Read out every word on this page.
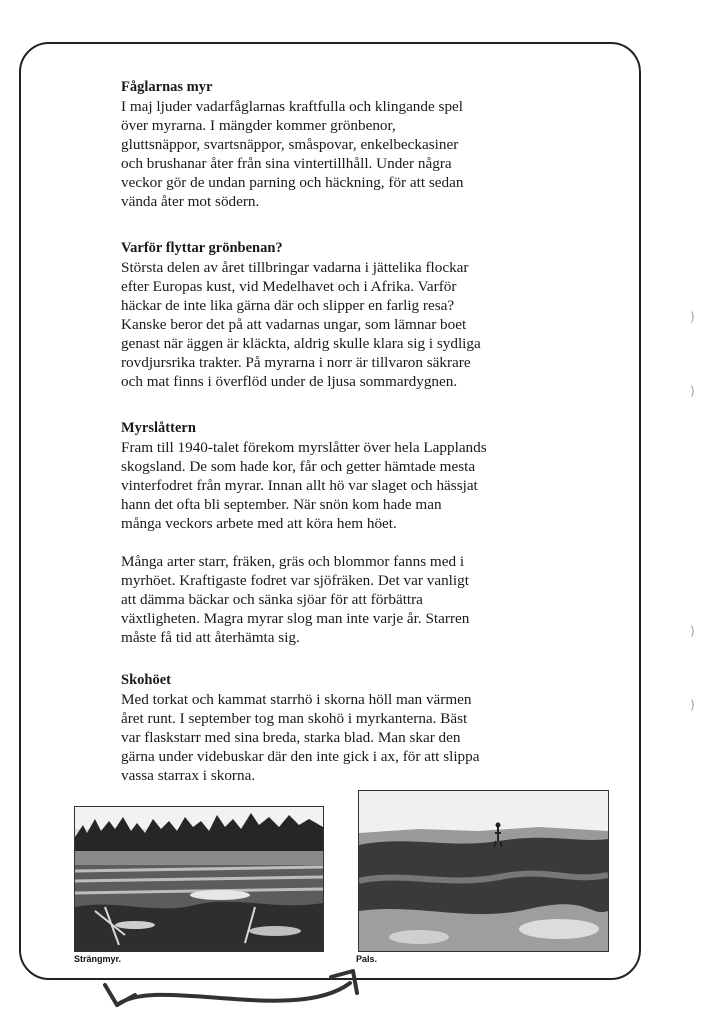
Fåglarnas myr

I maj ljuder vadarfåglarnas kraftfulla och klingande spel
över myrarna. I mängder kommer grönbenor,
gluttsnäppor, svartsnäppor, småspovar, enkelbeckasiner
och brushanar åter från sina vintertillhåll. Under några
veckor gör de undan parning och häckning, för att sedan
vända åter mot södern.

Varför flyttar grönbenan?

Största delen av året tillbringar vadarna i jättelika flockar
efter Europas kust, vid Medelhavet och i Afrika. Varför
häckar de inte lika gärna där och slipper en farlig resa?
Kanske beror det på att vadarnas ungar, som lämnar boet
genast när äggen är kläckta, aldrig skulle klara sig i sydliga
rovdjursrika trakter. På myrarna i norr är tillvaron säkrare
och mat finns i överflöd under de ljusa sommardygnen.

Myrslåttern

Fram till 1940-talet förekom myrslåtter över hela Lapplands
skogsland. De som hade kor, får och getter hämtade mesta
vinterfodret från myrar. Innan allt hö var slaget och hässjat
hann det ofta bli september. När snön kom hade man
många veckors arbete med att köra hem höet.

Många arter starr, fräken, gräs och blommor fanns med i
myrhöet. Kraftigaste fodret var sjöfräken. Det var vanligt
att dämma bäckar och sänka sjöar för att förbättra
växtligheten. Magra myrar slog man inte varje år. Starren
måste få tid att återhämta sig.

Skohöet

Med torkat och kammat starrhö i skorna höll man värmen
året runt. I september tog man skohö i myrkanterna. Bäst
var flaskstarr med sina breda, starka blad. Man skar den
gärna under videbuskar där den inte gick i ax, för att slippa
vassa starrax i skorna.

Strängmyr.	Pals.
)
)
)
)
